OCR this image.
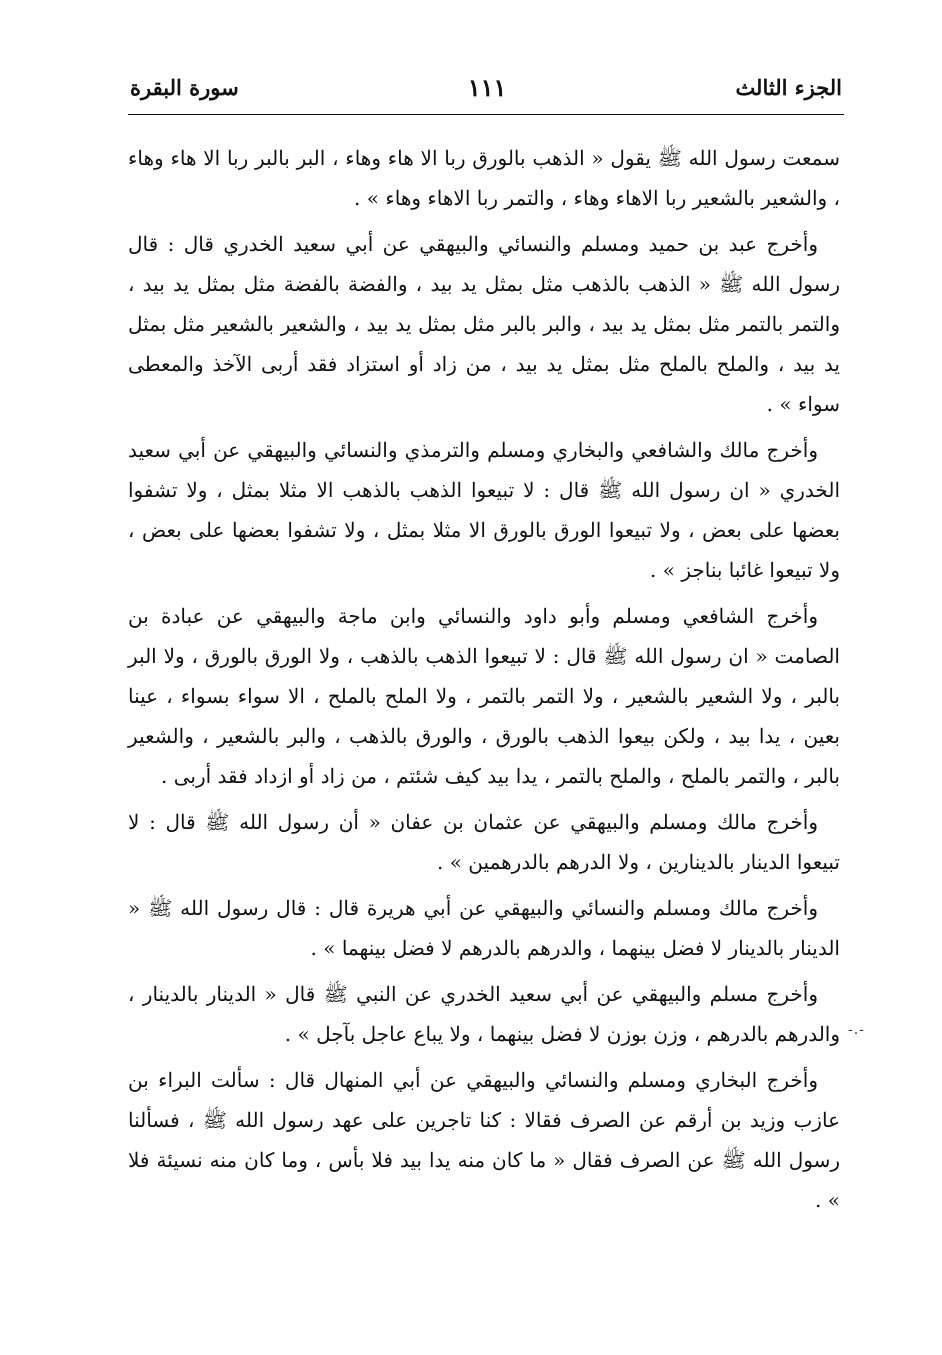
الجزء الثالث
١١١
سورة البقرة

سمعت رسول الله ﷺ يقول « الذهب بالورق ربا الا هاء وهاء ، البر بالبر ربا الا هاء وهاء ، والشعير بالشعير ربا الاهاء وهاء ، والتمر ربا الاهاء وهاء » .

وأخرج عبد بن حميد ومسلم والنسائي والبيهقي عن أبي سعيد الخدري قال : قال رسول الله ﷺ « الذهب بالذهب مثل بمثل يد بيد ، والفضة بالفضة مثل بمثل يد بيد ، والتمر بالتمر مثل بمثل يد بيد ، والبر بالبر مثل بمثل يد بيد ، والشعير بالشعير مثل بمثل يد بيد ، والملح بالملح مثل بمثل يد بيد ، من زاد أو استزاد فقد أربى الآخذ والمعطى سواء » .

وأخرج مالك والشافعي والبخاري ومسلم والترمذي والنسائي والبيهقي عن أبي سعيد الخدري « ان رسول الله ﷺ قال : لا تبيعوا الذهب بالذهب الا مثلا بمثل ، ولا تشفوا بعضها على بعض ، ولا تبيعوا الورق بالورق الا مثلا بمثل ، ولا تشفوا بعضها على بعض ، ولا تبيعوا غائبا بناجز » .

وأخرج الشافعي ومسلم وأبو داود والنسائي وابن ماجة والبيهقي عن عبادة بن الصامت « ان رسول الله ﷺ قال : لا تبيعوا الذهب بالذهب ، ولا الورق بالورق ، ولا البر بالبر ، ولا الشعير بالشعير ، ولا التمر بالتمر ، ولا الملح بالملح ، الا سواء بسواء ، عينا بعين ، يدا بيد ، ولكن بيعوا الذهب بالورق ، والورق بالذهب ، والبر بالشعير ، والشعير بالبر ، والتمر بالملح ، والملح بالتمر ، يدا بيد كيف شئتم ، من زاد أو ازداد فقد أربى .

وأخرج مالك ومسلم والبيهقي عن عثمان بن عفان « أن رسول الله ﷺ قال : لا تبيعوا الدينار بالدينارين ، ولا الدرهم بالدرهمين » .

وأخرج مالك ومسلم والنسائي والبيهقي عن أبي هريرة قال : قال رسول الله ﷺ « الدينار بالدينار لا فضل بينهما ، والدرهم بالدرهم لا فضل بينهما » .

وأخرج مسلم والبيهقي عن أبي سعيد الخدري عن النبي ﷺ قال « الدينار بالدينار ، والدرهم بالدرهم ، وزن بوزن لا فضل بينهما ، ولا يباع عاجل بآجل » .

وأخرج البخاري ومسلم والنسائي والبيهقي عن أبي المنهال قال : سألت البراء بن عازب وزيد بن أرقم عن الصرف فقالا : كنا تاجرين على عهد رسول الله ﷺ ، فسألنا رسول الله ﷺ عن الصرف فقال « ما كان منه يدا بيد فلا بأس ، وما كان منه نسيئة فلا » .

-.-
